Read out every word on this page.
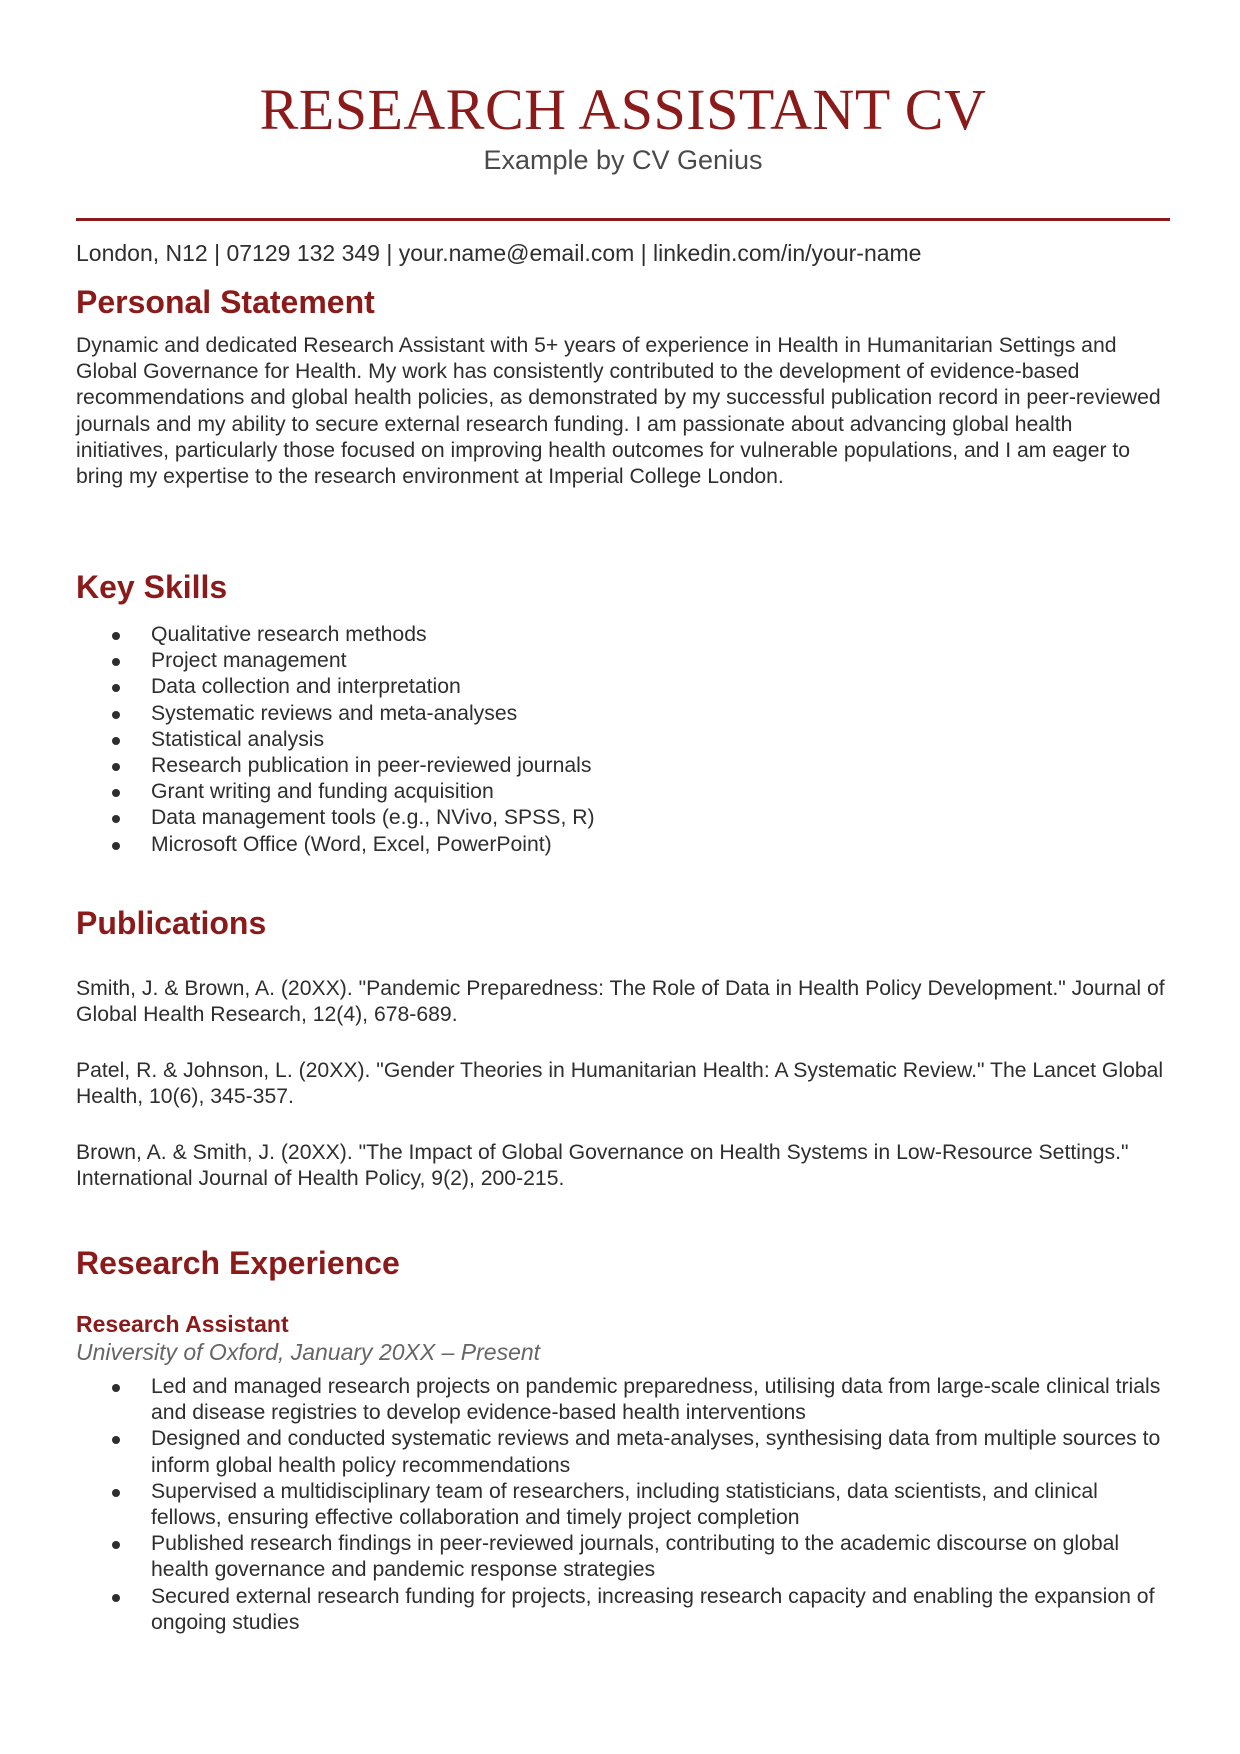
RESEARCH ASSISTANT CV
Example by CV Genius
London, N12 | 07129 132 349 | your.name@email.com | linkedin.com/in/your-name
Personal Statement
Dynamic and dedicated Research Assistant with 5+ years of experience in Health in Humanitarian Settings and Global Governance for Health. My work has consistently contributed to the development of evidence-based recommendations and global health policies, as demonstrated by my successful publication record in peer-reviewed journals and my ability to secure external research funding. I am passionate about advancing global health initiatives, particularly those focused on improving health outcomes for vulnerable populations, and I am eager to bring my expertise to the research environment at Imperial College London.
Key Skills
Qualitative research methods
Project management
Data collection and interpretation
Systematic reviews and meta-analyses
Statistical analysis
Research publication in peer-reviewed journals
Grant writing and funding acquisition
Data management tools (e.g., NVivo, SPSS, R)
Microsoft Office (Word, Excel, PowerPoint)
Publications
Smith, J. & Brown, A. (20XX). "Pandemic Preparedness: The Role of Data in Health Policy Development." Journal of Global Health Research, 12(4), 678-689.
Patel, R. & Johnson, L. (20XX). "Gender Theories in Humanitarian Health: A Systematic Review." The Lancet Global Health, 10(6), 345-357.
Brown, A. & Smith, J. (20XX). "The Impact of Global Governance on Health Systems in Low-Resource Settings." International Journal of Health Policy, 9(2), 200-215.
Research Experience
Research Assistant
University of Oxford, January 20XX – Present
Led and managed research projects on pandemic preparedness, utilising data from large-scale clinical trials and disease registries to develop evidence-based health interventions
Designed and conducted systematic reviews and meta-analyses, synthesising data from multiple sources to inform global health policy recommendations
Supervised a multidisciplinary team of researchers, including statisticians, data scientists, and clinical fellows, ensuring effective collaboration and timely project completion
Published research findings in peer-reviewed journals, contributing to the academic discourse on global health governance and pandemic response strategies
Secured external research funding for projects, increasing research capacity and enabling the expansion of ongoing studies
